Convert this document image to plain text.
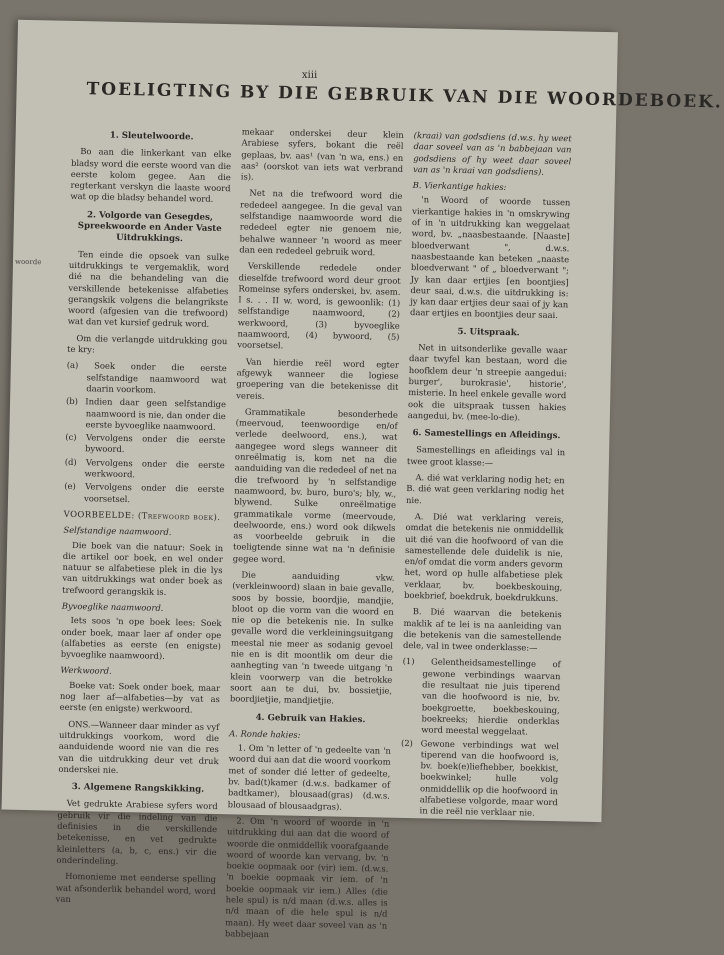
woorde
xiii
TOELIGTING BY DIE GEBRUIK VAN DIE WOORDEBOEK.
1. Sleutelwoorde.

Bo aan die linkerkant van elke bladsy word die eerste woord van die eerste kolom gegee. Aan die regterkant verskyn die laaste woord wat op die bladsy behandel word.

2. Volgorde van Gesegdes, Spreekwoorde en Ander Vaste Uitdrukkings.

Ten einde die opsoek van sulke uitdrukkings te vergemaklik, word dié na die behandeling van die verskillende betekenisse alfabeties gerangskik volgens die belangrikste woord (afgesien van die trefwoord) wat dan vet kursief gedruk word.

Om die verlangde uitdrukking gou te kry:

(a) Soek onder die eerste selfstandige naamwoord wat daarin voorkom.
(b) Indien daar geen selfstandige naamwoord is nie, dan onder die eerste byvoeglike naamwoord.
(c) Vervolgens onder die eerste bywoord.
(d) Vervolgens onder die eerste werkwoord.
(e) Vervolgens onder die eerste voorsetsel.

VOORBEELDE: (Trefwoord boek).

Selfstandige naamwoord.

Die boek van die natuur: Soek in die artikel oor boek, en wel onder natuur se alfabetiese plek in die lys van uitdrukkings wat onder boek as trefwoord gerangskik is.

Byvoeglike naamwoord.

Iets soos 'n ope boek lees: Soek onder boek, maar laer af onder ope (alfabeties as eerste (en enigste) byvoeglike naamwoord).

Werkwoord.

Boeke vat: Soek onder boek, maar nog laer af—alfabeties—by vat as eerste (en enigste) werkwoord.

ONS.—Wanneer daar minder as vyf uitdrukkings voorkom, word die aanduidende woord nie van die res van die uitdrukking deur vet druk onderskei nie.

3. Algemene Rangskikking.

Vet gedrukte Arabiese syfers word gebruik vir die indeling van die definisies in die verskillende betekenisse, en vet gedrukte kleinletters (a, b, c, ens.) vir die onderindeling.

Homonieme met eenderse spelling wat afsonderlik behandel word, word van

mekaar onderskei deur klein Arabiese syfers, bokant die reël geplaas, bv. aas¹ (van 'n wa, ens.) en aas² (oorskot van iets wat verbrand is).

Net na die trefwoord word die rededeel aangegee. In die geval van selfstandige naamwoorde word die rededeel egter nie genoem nie, behalwe wanneer 'n woord as meer dan een rededeel gebruik word.

Verskillende rededele onder dieselfde trefwoord word deur groot Romeinse syfers onderskei, bv. asem. I s. . . II w. word, is gewoonlik: (1) selfstandige naamwoord, (2) werkwoord, (3) byvoeglike naamwoord, (4) bywoord, (5) voorsetsel.

Van hierdie reël word egter afgewyk wanneer die logiese groepering van die betekenisse dit vereis.

Grammatikale besonderhede (meervoud, teenwoordige en/of verlede deelwoord, ens.), wat aangegee word slegs wanneer dit onreëlmatig is, kom net na die aanduiding van die rededeel of net na die trefwoord by 'n selfstandige naamwoord, bv. buro, buro's; bly, w., blywend. Sulke onreëlmatige grammatikale vorme (meervoude, deelwoorde, ens.) word ook dikwels as voorbeelde gebruik in die toeligtende sinne wat na 'n definisie gegee word.

Die aanduiding vkw. (verkleinwoord) slaan in baie gevalle, soos by bossie, boordjie, mandjie, bloot op die vorm van die woord en nie op die betekenis nie. In sulke gevalle word die verkleiningsuitgang meestal nie meer as sodanig gevoel nie en is dit moontlik om deur die aanhegting van 'n tweede uitgang 'n klein voorwerp van die betrokke soort aan te dui, bv. bossietjie, boordjietjie, mandjietjie.

4. Gebruik van Hakies.

A. Ronde hakies:

1. Om 'n letter of 'n gedeelte van 'n woord dui aan dat die woord voorkom met of sonder dié letter of gedeelte, bv. bad(t)kamer (d.w.s. badkamer of badtkamer), blousaad(gras) (d.w.s. blousaad of blousaadgras).

2. Om 'n woord of woorde in 'n uitdrukking dui aan dat die woord of woorde die onmiddellik voorafgaande woord of woorde kan vervang, bv. 'n boekie oopmaak oor (vir) iem. (d.w.s. 'n boekie oopmaak vir iem. of 'n boekie oopmaak vir iem.) Alles (die hele spul) is n/d maan (d.w.s. alles is n/d maan of die hele spul is n/d maan). Hy weet daar soveel van as 'n babbejaan

(kraai) van godsdiens (d.w.s. hy weet daar soveel van as 'n babbejaan van godsdiens of hy weet daar soveel van as 'n kraai van godsdiens).

B. Vierkantige hakies:

'n Woord of woorde tussen vierkantige hakies in 'n omskrywing of in 'n uitdrukking kan weggelaat word, bv. „naasbestaande. [Naaste] bloedverwant ", d.w.s. naasbestaande kan beteken „naaste bloedverwant " of „ bloedverwant "; Jy kan daar ertjies [en boontjies] deur saai, d.w.s. die uitdrukking is: jy kan daar ertjies deur saai of jy kan daar ertjies en boontjies deur saai.

5. Uitspraak.

Net in uitsonderlike gevalle waar daar twyfel kan bestaan, word die hoofklem deur 'n streepie aangedui: burger', burokrasie', historie', misterie. In heel enkele gevalle word ook die uitspraak tussen hakies aangedui, bv. (mee-lo-die).

6. Samestellings en Afleidings.

Samestellings en afleidings val in twee groot klasse:—

A. dié wat verklaring nodig het; en B. dié wat geen verklaring nodig het nie.

A. Dié wat verklaring vereis, omdat die betekenis nie onmiddellik uit dié van die hoofwoord of van die samestellende dele duidelik is nie, en/of omdat die vorm anders gevorm het, word op hulle alfabetiese plek verklaar, bv. boekbeskouing, boekbrief, boekdruk, boekdrukkuns.

B. Dié waarvan die betekenis maklik af te lei is na aanleiding van die betekenis van die samestellende dele, val in twee onderklasse:—

(1) Gelentheidsamestellinge of gewone verbindings waarvan die resultaat nie juis tiperend van die hoofwoord is nie, bv. boekgroette, boekbeskouing, boekreeks; hierdie onderklas word meestal weggelaat.
(2) Gewone verbindings wat wel tiperend van die hoofwoord is, bv. boek(e)liefhebber, boekkist, boekwinkel; hulle volg onmiddellik op die hoofwoord in alfabetiese volgorde, maar word in die reël nie verklaar nie.
